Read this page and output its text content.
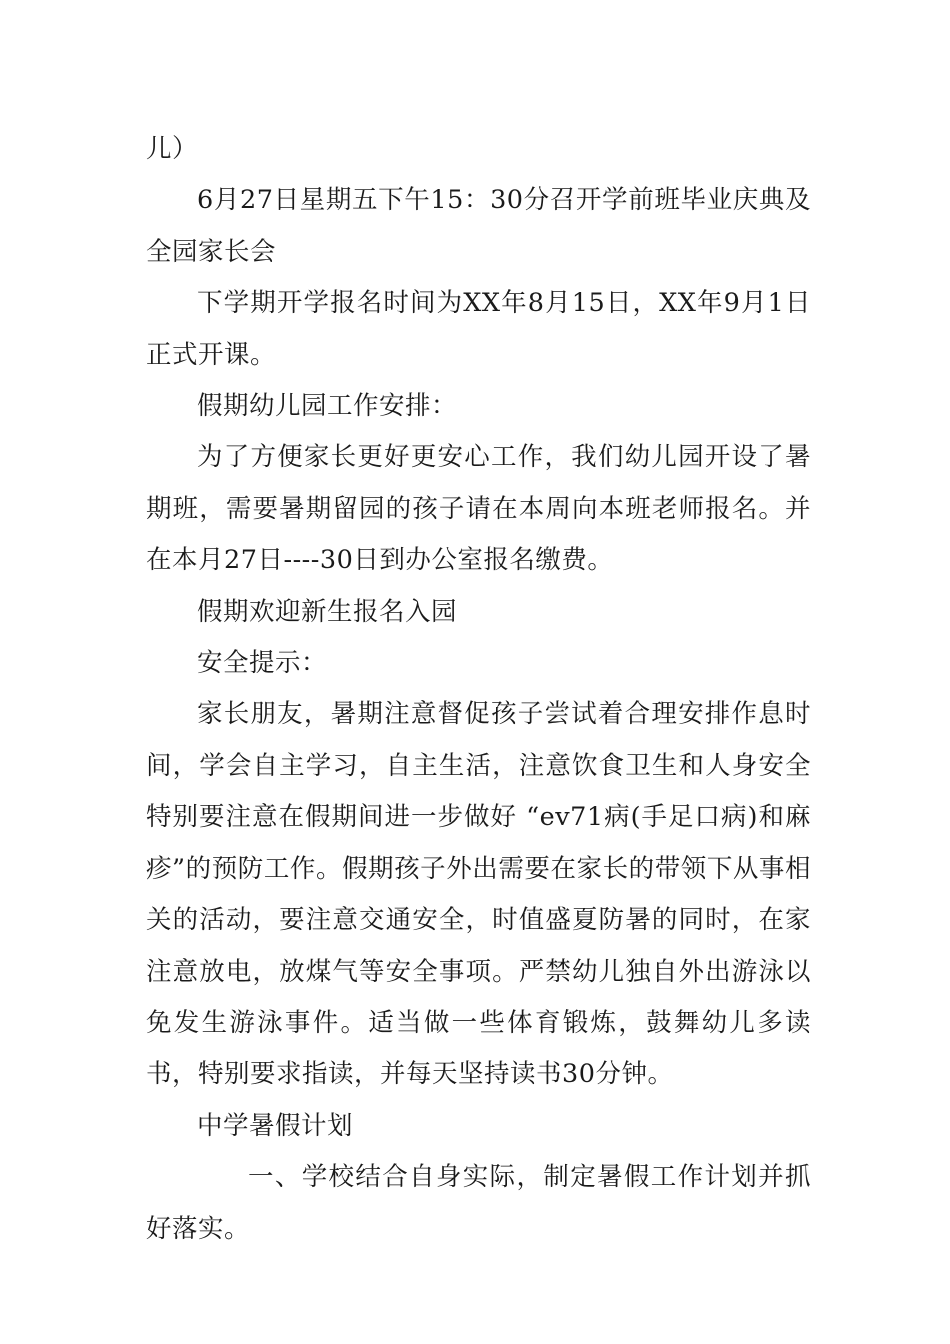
儿）

6月27日星期五下午15：30分召开学前班毕业庆典及全园家长会

下学期开学报名时间为XX年8月15日，XX年9月1日正式开课。

假期幼儿园工作安排：

为了方便家长更好更安心工作，我们幼儿园开设了暑期班，需要暑期留园的孩子请在本周向本班老师报名。并在本月27日----30日到办公室报名缴费。

假期欢迎新生报名入园

安全提示：

家长朋友，暑期注意督促孩子尝试着合理安排作息时间，学会自主学习，自主生活，注意饮食卫生和人身安全特别要注意在假期间进一步做好 “ev71病(手足口病)和麻疹”的预防工作。假期孩子外出需要在家长的带领下从事相关的活动，要注意交通安全，时值盛夏防暑的同时，在家注意放电，放煤气等安全事项。严禁幼儿独自外出游泳以免发生游泳事件。适当做一些体育锻炼，鼓舞幼儿多读书，特别要求指读，并每天坚持读书30分钟。

中学暑假计划

一、学校结合自身实际，制定暑假工作计划并抓好落实。
